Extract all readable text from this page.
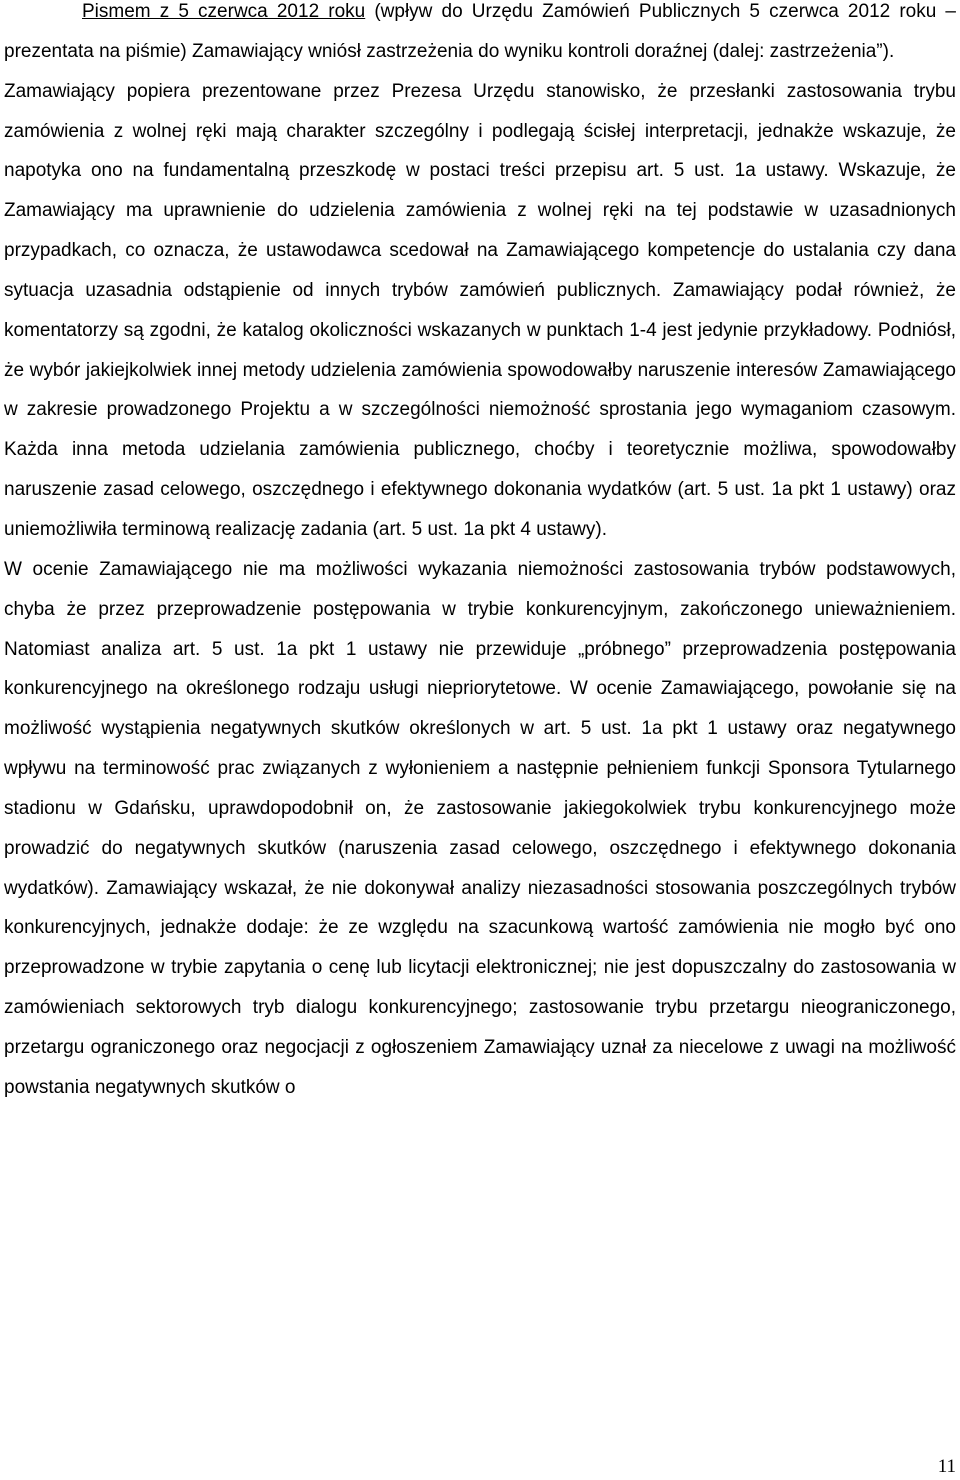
Pismem z 5 czerwca 2012 roku (wpływ do Urzędu Zamówień Publicznych 5 czerwca 2012 roku – prezentata na piśmie) Zamawiający wniósł zastrzeżenia do wyniku kontroli doraźnej (dalej: zastrzeżenia”).

Zamawiający popiera prezentowane przez Prezesa Urzędu stanowisko, że przesłanki zastosowania trybu zamówienia z wolnej ręki mają charakter szczególny i podlegają ścisłej interpretacji, jednakże wskazuje, że napotyka ono na fundamentalną przeszkodę w postaci treści przepisu art. 5 ust. 1a ustawy. Wskazuje, że Zamawiający ma uprawnienie do udzielenia zamówienia z wolnej ręki na tej podstawie w uzasadnionych przypadkach, co oznacza, że ustawodawca scedował na Zamawiającego kompetencje do ustalania czy dana sytuacja uzasadnia odstąpienie od innych trybów zamówień publicznych. Zamawiający podał również, że komentatorzy są zgodni, że katalog okoliczności wskazanych w punktach 1-4 jest jedynie przykładowy. Podniósł, że wybór jakiejkolwiek innej metody udzielenia zamówienia spowodowałby naruszenie interesów Zamawiającego w zakresie prowadzonego Projektu a w szczególności niemożność sprostania jego wymaganiom czasowym. Każda inna metoda udzielania zamówienia publicznego, choćby i teoretycznie możliwa, spowodowałby naruszenie zasad celowego, oszczędnego i efektywnego dokonania wydatków (art. 5 ust. 1a pkt 1 ustawy) oraz uniemożliwiła terminową realizację zadania (art. 5 ust. 1a pkt 4 ustawy).

W ocenie Zamawiającego nie ma możliwości wykazania niemożności zastosowania trybów podstawowych, chyba że przez przeprowadzenie postępowania w trybie konkurencyjnym, zakończonego unieważnieniem. Natomiast analiza art. 5 ust. 1a pkt 1 ustawy nie przewiduje „próbnego” przeprowadzenia postępowania konkurencyjnego na określonego rodzaju usługi niepriorytetowe. W ocenie Zamawiającego, powołanie się na możliwość wystąpienia negatywnych skutków określonych w art. 5 ust. 1a pkt 1 ustawy oraz negatywnego wpływu na terminowość prac związanych z wyłonieniem a następnie pełnieniem funkcji Sponsora Tytularnego stadionu w Gdańsku, uprawdopodobnił on, że zastosowanie jakiegokolwiek trybu konkurencyjnego może prowadzić do negatywnych skutków (naruszenia zasad celowego, oszczędnego i efektywnego dokonania wydatków). Zamawiający wskazał, że nie dokonywał analizy niezasadności stosowania poszczególnych trybów konkurencyjnych, jednakże dodaje: że ze względu na szacunkową wartość zamówienia nie mogło być ono przeprowadzone w trybie zapytania o cenę lub licytacji elektronicznej; nie jest dopuszczalny do zastosowania w zamówieniach sektorowych tryb dialogu konkurencyjnego; zastosowanie trybu przetargu nieograniczonego, przetargu ograniczonego oraz negocjacji z ogłoszeniem Zamawiający uznał za niecelowe z uwagi na możliwość powstania negatywnych skutków o

11
